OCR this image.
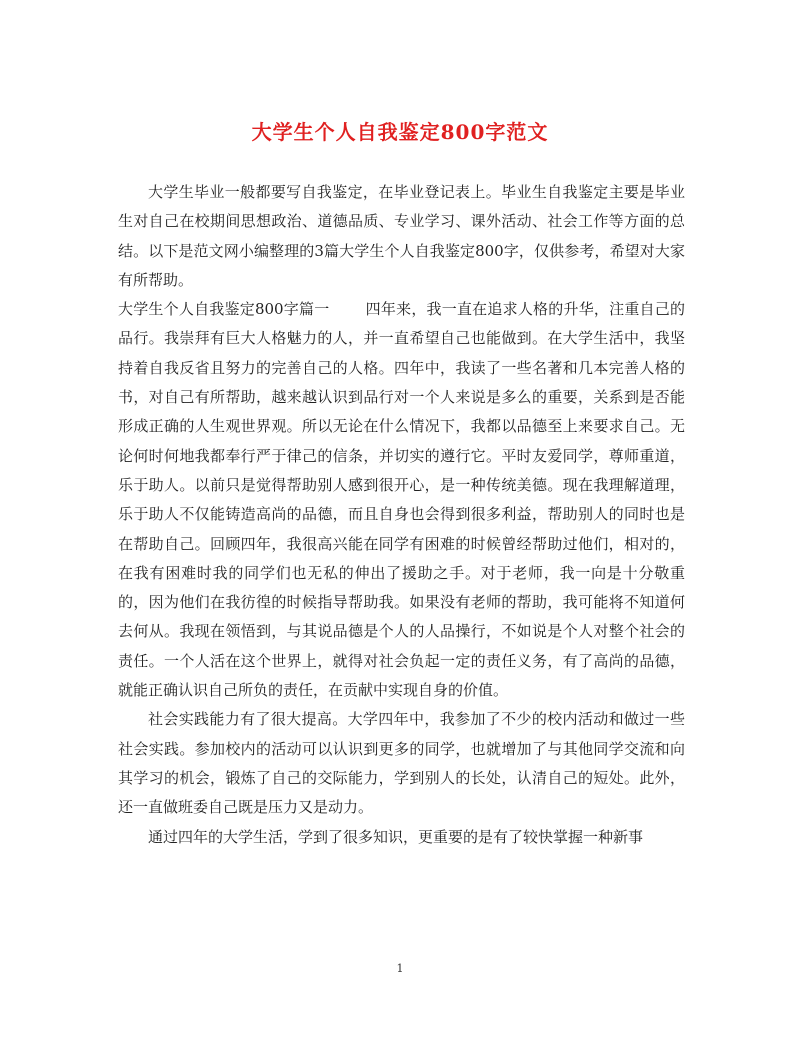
大学生个人自我鉴定800字范文

大学生毕业一般都要写自我鉴定，在毕业登记表上。毕业生自我鉴定主要是毕业生对自己在校期间思想政治、道德品质、专业学习、课外活动、社会工作等方面的总结。以下是范文网小编整理的3篇大学生个人自我鉴定800字，仅供参考，希望对大家有所帮助。

大学生个人自我鉴定800字篇一 四年来，我一直在追求人格的升华，注重自己的品行。我崇拜有巨大人格魅力的人，并一直希望自己也能做到。在大学生活中，我坚持着自我反省且努力的完善自己的人格。四年中，我读了一些名著和几本完善人格的书，对自己有所帮助，越来越认识到品行对一个人来说是多么的重要，关系到是否能形成正确的人生观世界观。所以无论在什么情况下，我都以品德至上来要求自己。无论何时何地我都奉行严于律己的信条，并切实的遵行它。平时友爱同学，尊师重道，乐于助人。以前只是觉得帮助别人感到很开心，是一种传统美德。现在我理解道理，乐于助人不仅能铸造高尚的品德，而且自身也会得到很多利益，帮助别人的同时也是在帮助自己。回顾四年，我很高兴能在同学有困难的时候曾经帮助过他们，相对的，在我有困难时我的同学们也无私的伸出了援助之手。对于老师，我一向是十分敬重的，因为他们在我彷徨的时候指导帮助我。如果没有老师的帮助，我可能将不知道何去何从。我现在领悟到，与其说品德是个人的人品操行，不如说是个人对整个社会的责任。一个人活在这个世界上，就得对社会负起一定的责任义务，有了高尚的品德，就能正确认识自己所负的责任，在贡献中实现自身的价值。

社会实践能力有了很大提高。大学四年中，我参加了不少的校内活动和做过一些社会实践。参加校内的活动可以认识到更多的同学，也就增加了与其他同学交流和向其学习的机会，锻炼了自己的交际能力，学到别人的长处，认清自己的短处。此外，还一直做班委自己既是压力又是动力。

通过四年的大学生活，学到了很多知识，更重要的是有了较快掌握一种新事

1
